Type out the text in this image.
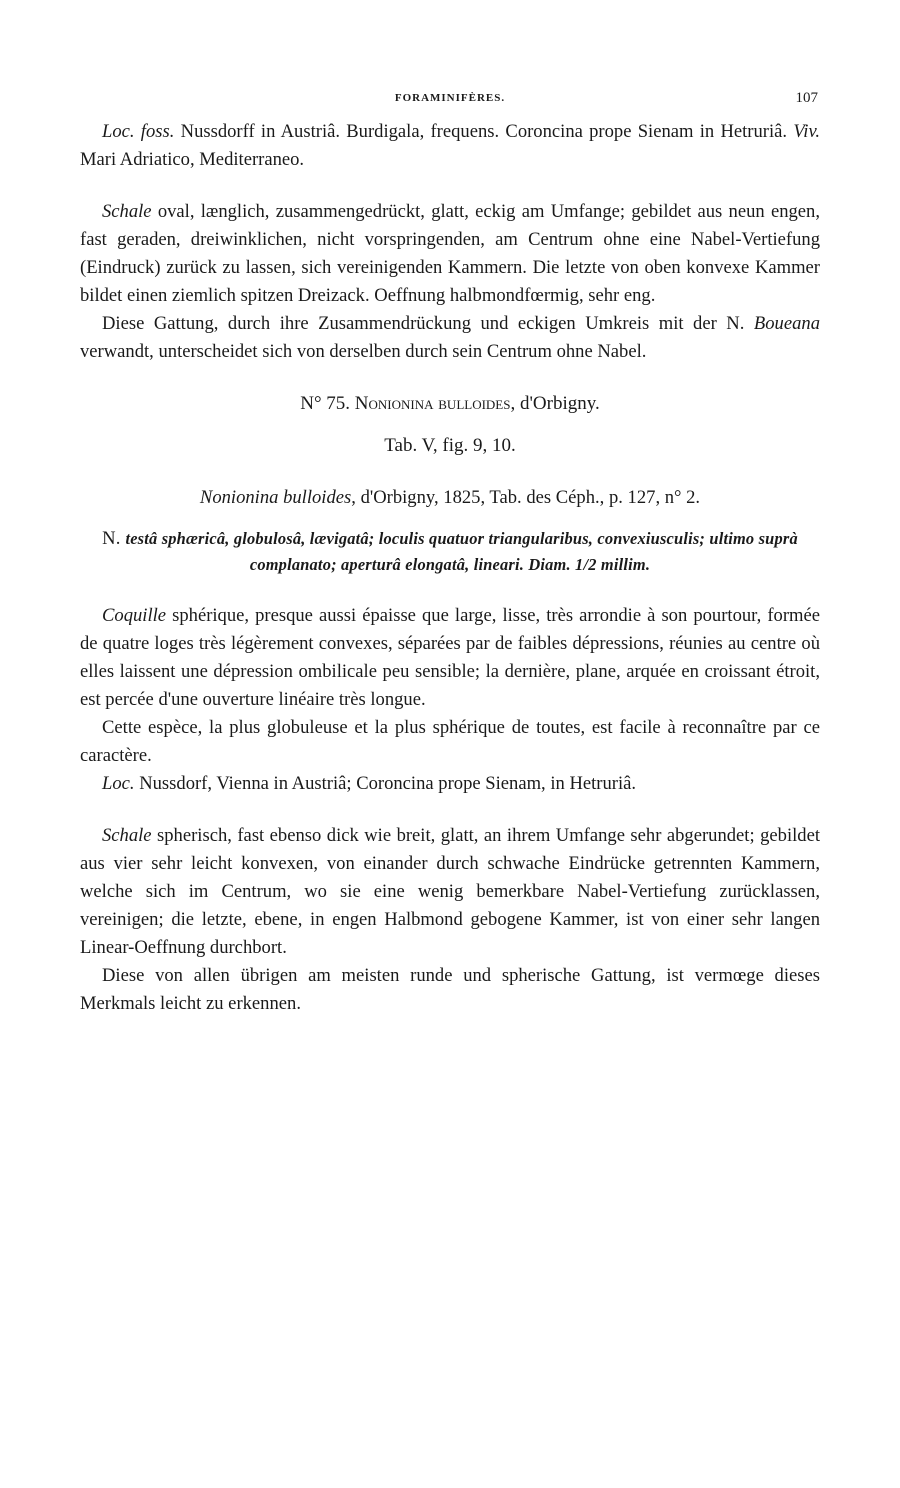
FORAMINIFÈRES.	107

Loc. foss. Nussdorff in Austriâ. Burdigala, frequens. Coroncina prope Sienam in Hetruriâ. Viv. Mari Adriatico, Mediterraneo.

Schale oval, længlich, zusammengedrückt, glatt, eckig am Umfange; gebildet aus neun engen, fast geraden, dreiwinklichen, nicht vorspringenden, am Centrum ohne eine Nabel-Vertiefung (Eindruck) zurück zu lassen, sich vereinigenden Kammern. Die letzte von oben konvexe Kammer bildet einen ziemlich spitzen Dreizack. Oeffnung halbmondfœrmig, sehr eng.

Diese Gattung, durch ihre Zusammendrückung und eckigen Umkreis mit der N. Boueana verwandt, unterscheidet sich von derselben durch sein Centrum ohne Nabel.

N° 75. Nonionina bulloides, d'Orbigny.

Tab. V, fig. 9, 10.

Nonionina bulloides, d'Orbigny, 1825, Tab. des Céph., p. 127, n° 2.

N. testâ sphæricâ, globulosâ, lævigatâ; loculis quatuor triangularibus, convexiusculis; ultimo suprà complanato; aperturâ elongatâ, lineari. Diam. 1/2 millim.

Coquille sphérique, presque aussi épaisse que large, lisse, très arrondie à son pourtour, formée de quatre loges très légèrement convexes, séparées par de faibles dépressions, réunies au centre où elles laissent une dépression ombilicale peu sensible; la dernière, plane, arquée en croissant étroit, est percée d'une ouverture linéaire très longue.

Cette espèce, la plus globuleuse et la plus sphérique de toutes, est facile à reconnaître par ce caractère.

Loc. Nussdorf, Vienna in Austriâ; Coroncina prope Sienam, in Hetruriâ.

Schale spherisch, fast ebenso dick wie breit, glatt, an ihrem Umfange sehr abgerundet; gebildet aus vier sehr leicht konvexen, von einander durch schwache Eindrücke getrennten Kammern, welche sich im Centrum, wo sie eine wenig bemerkbare Nabel-Vertiefung zurücklassen, vereinigen; die letzte, ebene, in engen Halbmond gebogene Kammer, ist von einer sehr langen Linear-Oeffnung durchbort.

Diese von allen übrigen am meisten runde und spherische Gattung, ist vermœge dieses Merkmals leicht zu erkennen.
